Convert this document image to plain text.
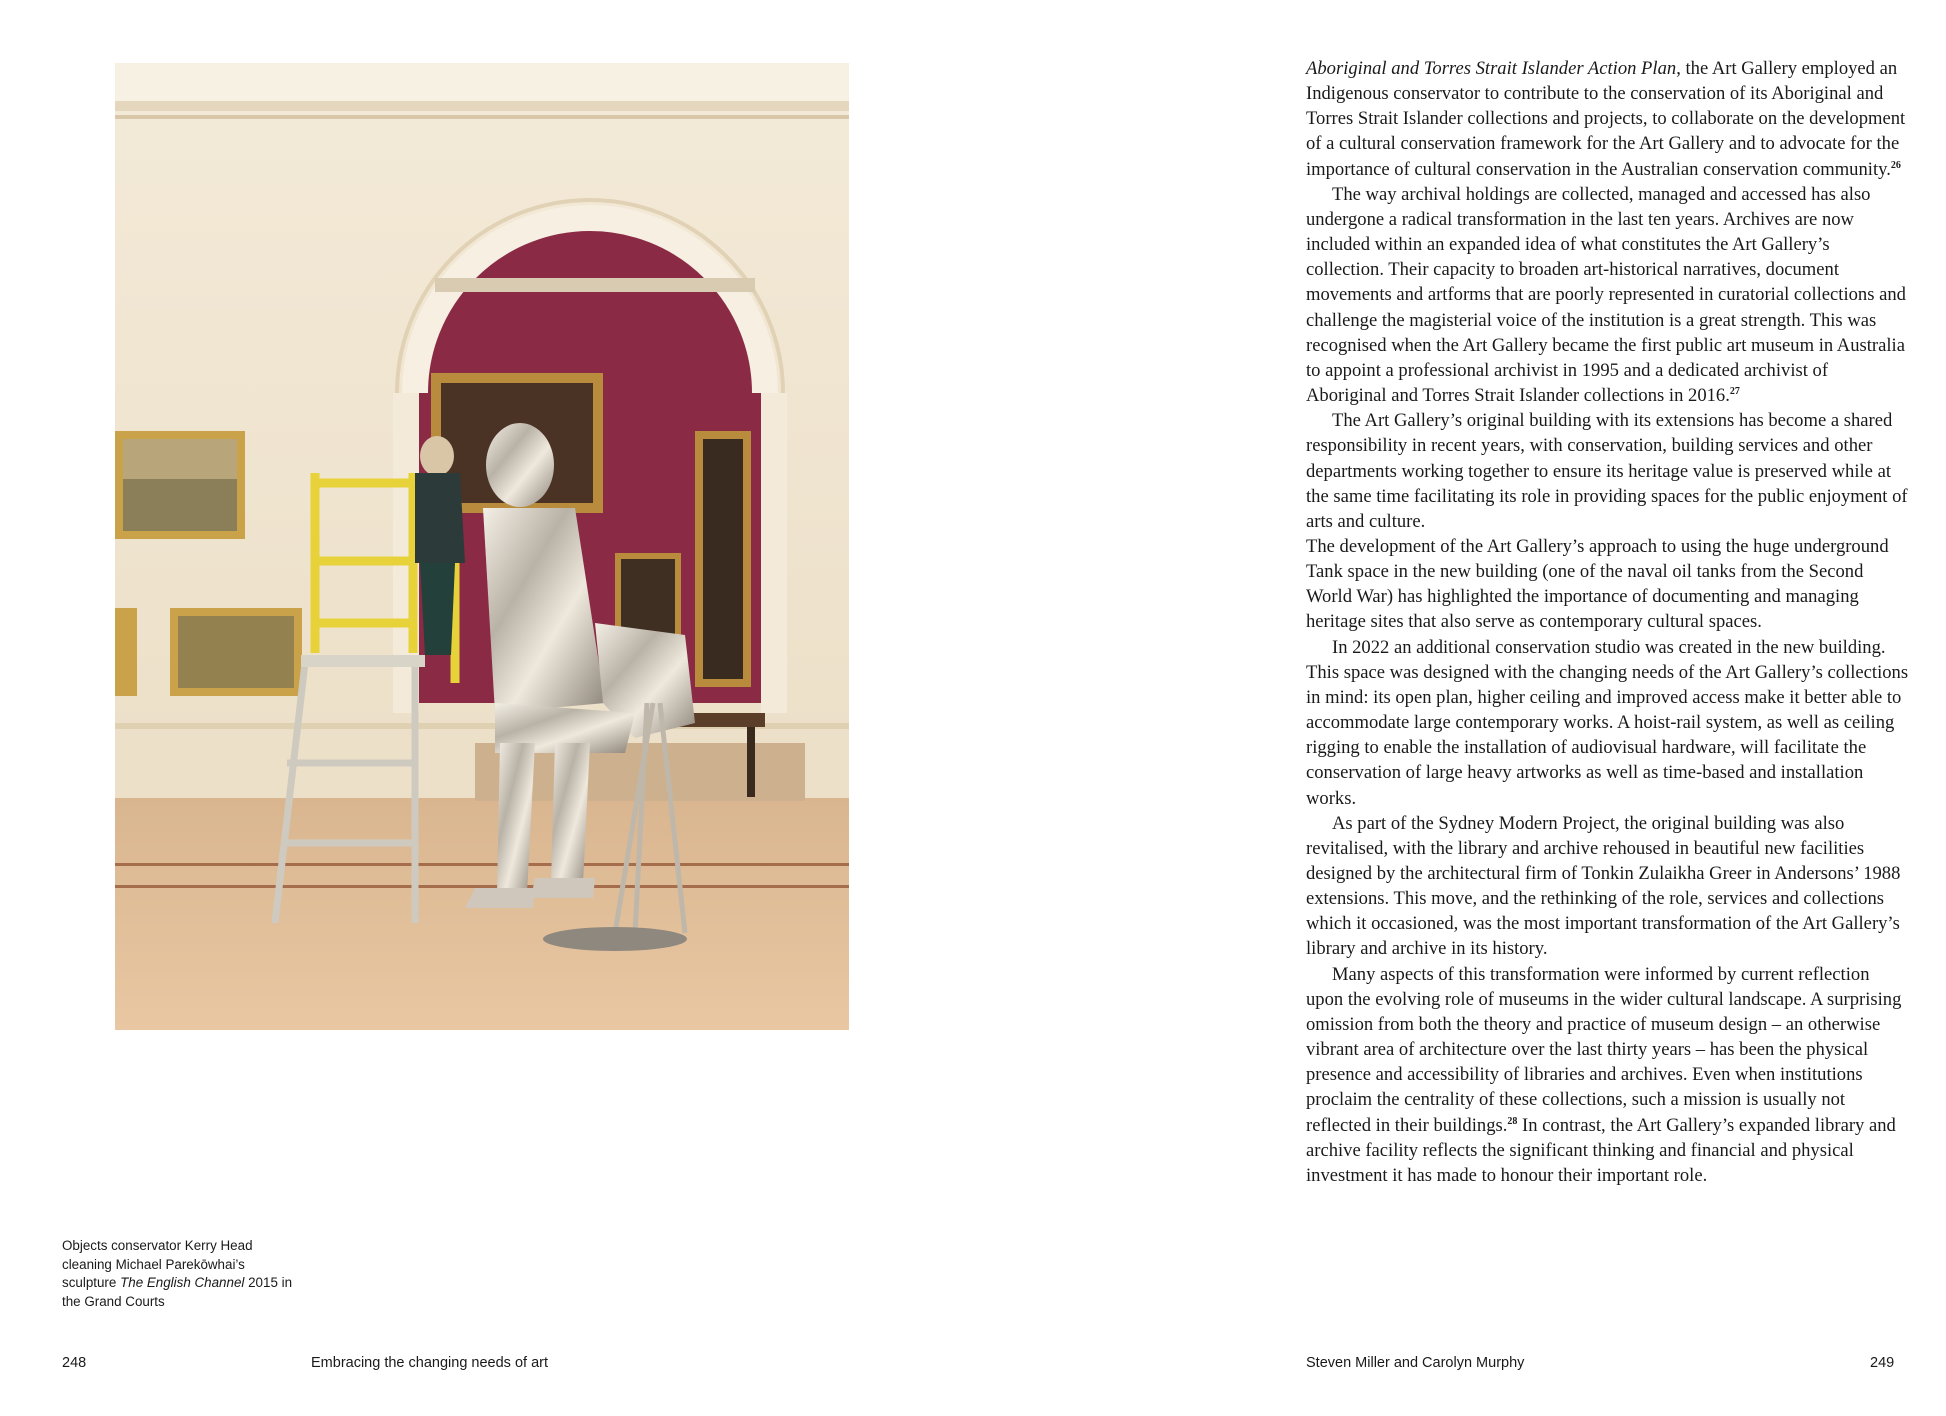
Objects conservator Kerry Head cleaning Michael Parekōwhai’s sculpture The English Channel 2015 in the Grand Courts
248	Embracing the changing needs of art	Steven Miller and Carolyn Murphy	249

Aboriginal and Torres Strait Islander Action Plan, the Art Gallery employed an Indigenous conservator to contribute to the conservation of its Aboriginal and Torres Strait Islander collections and projects, to collaborate on the development of a cultural conservation framework for the Art Gallery and to advocate for the importance of cultural conservation in the Australian conservation community.$^{26}$

The way archival holdings are collected, managed and accessed has also undergone a radical transformation in the last ten years. Archives are now included within an expanded idea of what constitutes the Art Gallery’s collection. Their capacity to broaden art-historical narratives, document movements and artforms that are poorly represented in curatorial collections and challenge the magisterial voice of the institution is a great strength. This was recognised when the Art Gallery became the first public art museum in Australia to appoint a professional archivist in 1995 and a dedicated archivist of Aboriginal and Torres Strait Islander collections in 2016.27

The Art Gallery’s original building with its extensions has become a shared responsibility in recent years, with conservation, building services and other departments working together to ensure its heritage value is preserved while at the same time facilitating its role in providing spaces for the public enjoyment of arts and culture.

The development of the Art Gallery’s approach to using the huge underground Tank space in the new building (one of the naval oil tanks from the Second World War) has highlighted the importance of documenting and managing heritage sites that also serve as contemporary cultural spaces.

In 2022 an additional conservation studio was created in the new building. This space was designed with the changing needs of the Art Gallery’s collections in mind: its open plan, higher ceiling and improved access make it better able to accommodate large contemporary works. A hoist-rail system, as well as ceiling rigging to enable the installation of audiovisual hardware, will facilitate the conservation of large heavy artworks as well as time-based and installation works.

As part of the Sydney Modern Project, the original building was also revitalised, with the library and archive rehoused in beautiful new facilities designed by the architectural firm of Tonkin Zulaikha Greer in Andersons’ 1988 extensions. This move, and the rethinking of the role, services and collections which it occasioned, was the most important transformation of the Art Gallery’s library and archive in its history.

Many aspects of this transformation were informed by current reflection upon the evolving role of museums in the wider cultural landscape. A surprising omission from both the theory and practice of museum design – an otherwise vibrant area of architecture over the last thirty years – has been the physical presence and accessibility of libraries and archives. Even when institutions proclaim the centrality of these collections, such a mission is usually not reflected in their buildings.$^{28}$ In contrast, the Art Gallery’s expanded library and archive facility reflects the significant thinking and financial and physical investment it has made to honour their important role.
